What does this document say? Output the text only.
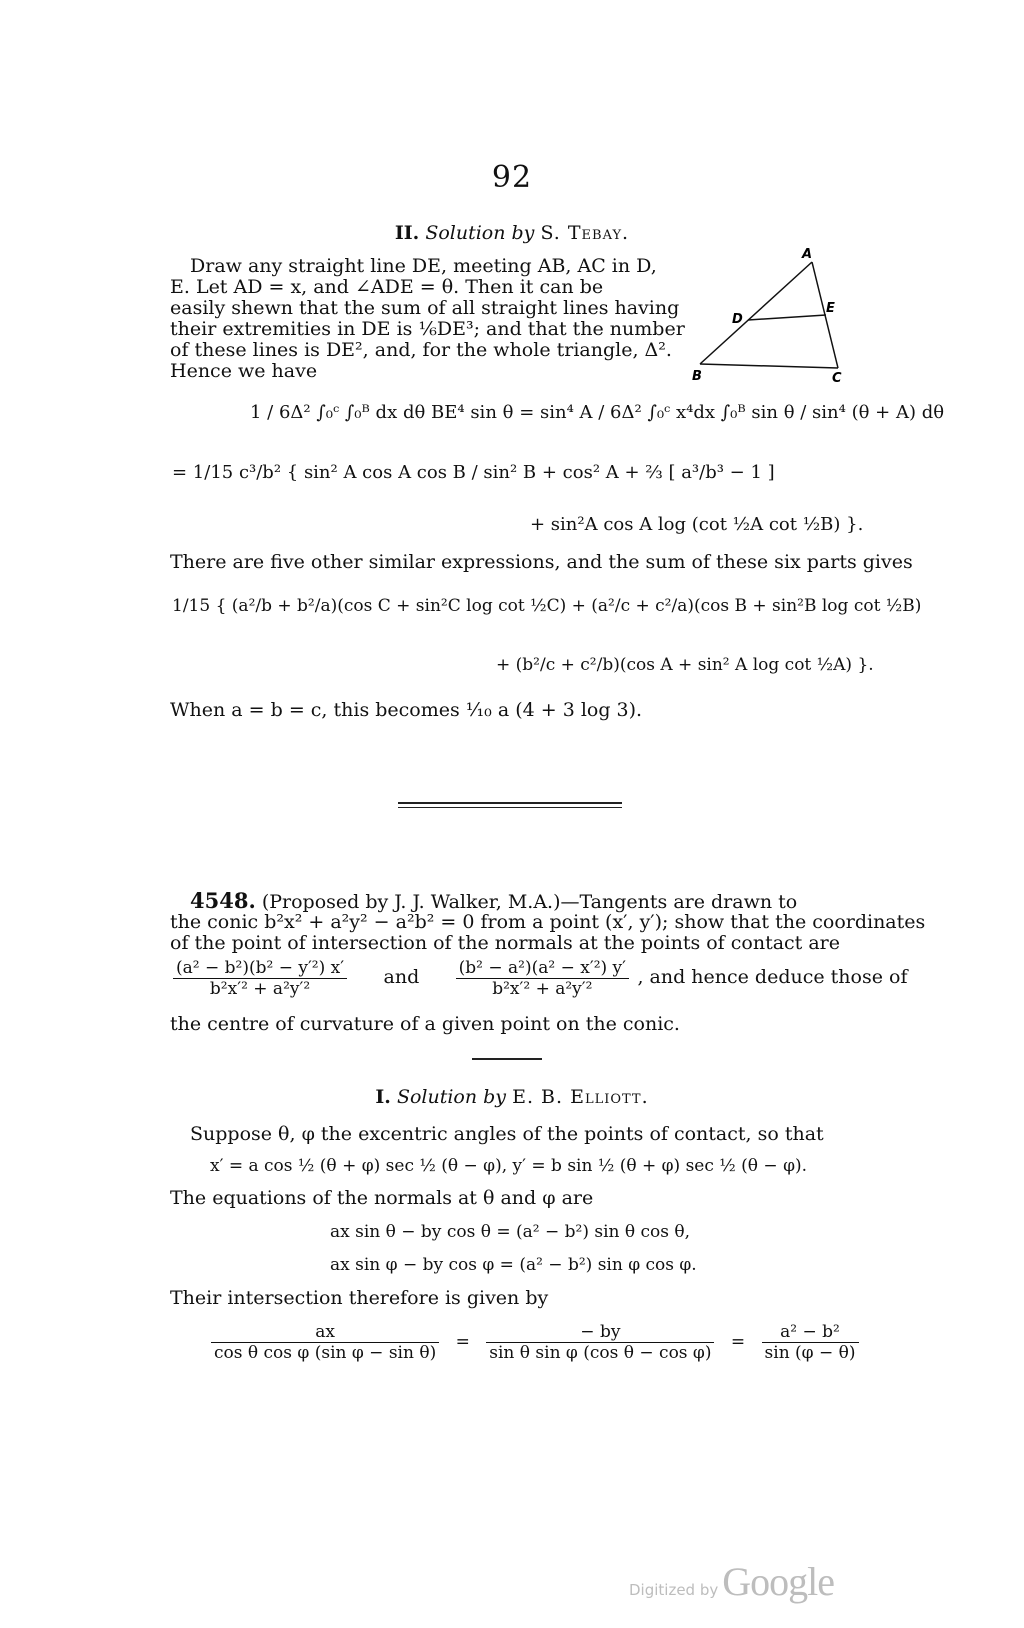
92
II. Solution by S. Tebay.
Draw any straight line DE, meeting AB, AC in D,
E. Let AD = x, and ∠ADE = θ. Then it can be
easily shewn that the sum of all straight lines having
their extremities in DE is ⅙DE³; and that the number
of these lines is DE², and, for the whole triangle, Δ².
Hence we have
A
D
E
B	C
1 / 6Δ² ∫₀ᶜ ∫₀ᴮ dx dθ BE⁴ sin θ = sin⁴ A / 6Δ² ∫₀ᶜ x⁴dx ∫₀ᴮ sin θ / sin⁴ (θ + A) dθ
= 1/15 c³/b² { sin² A cos A cos B / sin² B + cos² A + ⅔ [ a³/b³ − 1 ]
+ sin²A cos A log (cot ½A cot ½B) }.
There are five other similar expressions, and the sum of these six parts gives
1/15 { (a²/b + b²/a)(cos C + sin²C log cot ½C) + (a²/c + c²/a)(cos B + sin²B log cot ½B)
+ (b²/c + c²/b)(cos A + sin² A log cot ½A) }.
When a = b = c, this becomes ⅒ a (4 + 3 log 3).
4548. (Proposed by J. J. Walker, M.A.)—Tangents are drawn to
the conic b²x² + a²y² − a²b² = 0 from a point (x′, y′); show that the coordinates
of the point of intersection of the normals at the points of contact are
$\frac{\text{(a² − b²)(b² − y′²) x′}}{\text{b²x′² + a²y′²}}$ and $\frac{\text{(b² − a²)(a² − x′²) y′}}{\text{b²x′² + a²y′²}}$ , and hence deduce those of
the centre of curvature of a given point on the conic.
I. Solution by E. B. Elliott.
Suppose θ, φ the excentric angles of the points of contact, so that
x′ = a cos ½ (θ + φ) sec ½ (θ − φ), y′ = b sin ½ (θ + φ) sec ½ (θ − φ).
The equations of the normals at θ and φ are
ax sin θ − by cos θ = (a² − b²) sin θ cos θ,
ax sin φ − by cos φ = (a² − b²) sin φ cos φ.
Their intersection therefore is given by
$\frac{ax}{\text{cos θ cos φ (sin φ − sin θ)}} = \frac{- by}{\text{sin θ sin φ (cos θ − cos φ)}} = \frac{\text{a² − b²}}{\sin (\varphi - \theta)}$
Digitized by Google
